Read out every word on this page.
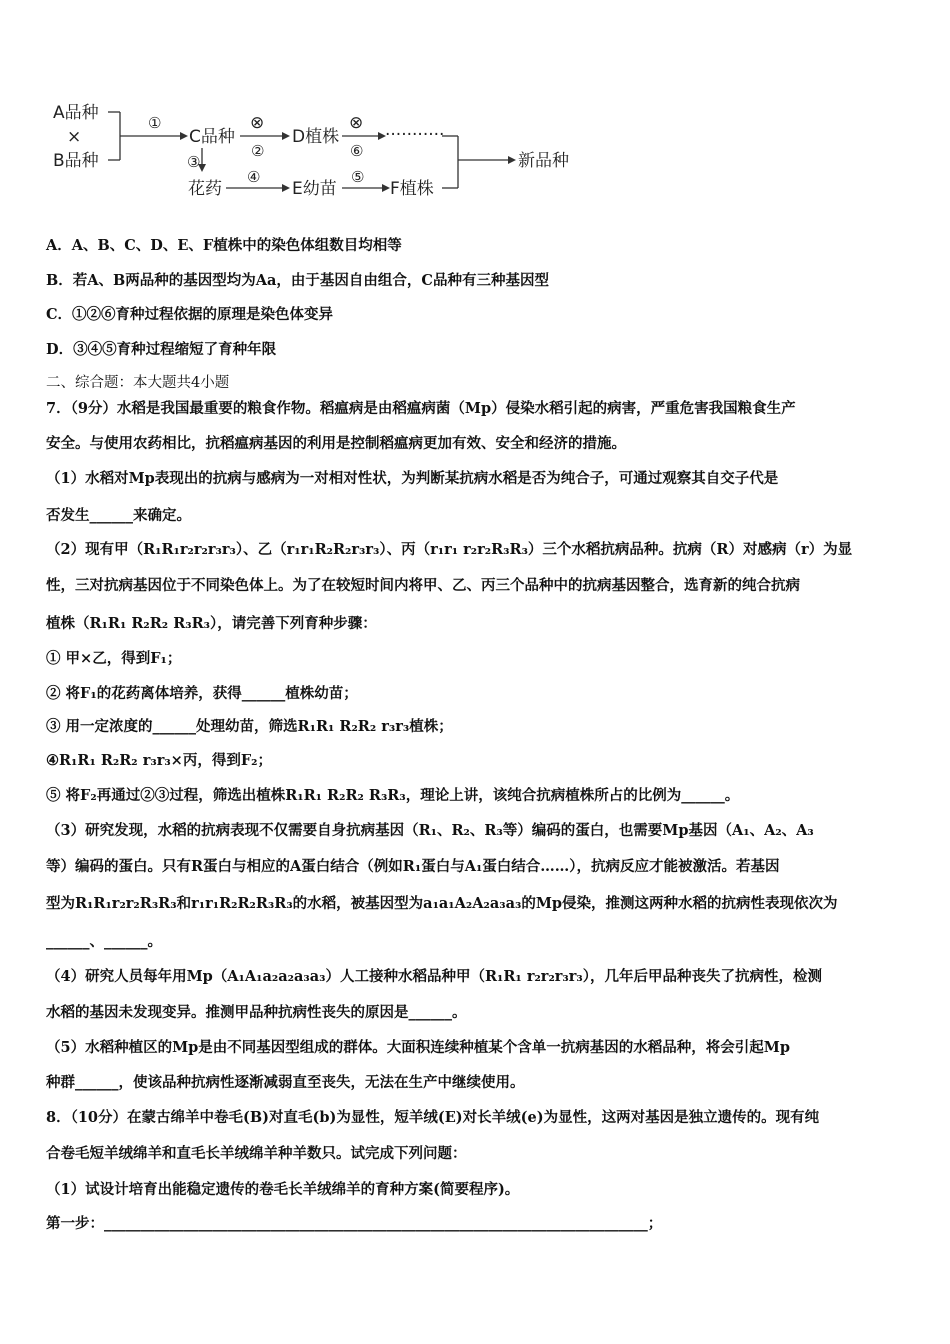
A品种
×
B品种
①
C品种
⊗
②
D植株
⊗
⑥
···········
③
花药
④
E幼苗
⑤
F植株
新品种
A．A、B、C、D、E、F植株中的染色体组数目均相等
B．若A、B两品种的基因型均为Aa，由于基因自由组合，C品种有三种基因型
C．①②⑥育种过程依据的原理是染色体变异
D．③④⑤育种过程缩短了育种年限
二、综合题：本大题共4小题
7．（9分）水稻是我国最重要的粮食作物。稻瘟病是由稻瘟病菌（Mp）侵染水稻引起的病害，严重危害我国粮食生产
安全。与使用农药相比，抗稻瘟病基因的利用是控制稻瘟病更加有效、安全和经济的措施。
（1）水稻对Mp表现出的抗病与感病为一对相对性状，为判断某抗病水稻是否为纯合子，可通过观察其自交子代是
否发生______来确定。
（2）现有甲（R₁R₁r₂r₂r₃r₃）、乙（r₁r₁R₂R₂r₃r₃）、丙（r₁r₁ r₂r₂R₃R₃）三个水稻抗病品种。抗病（R）对感病（r）为显
性，三对抗病基因位于不同染色体上。为了在较短时间内将甲、乙、丙三个品种中的抗病基因整合，选育新的纯合抗病
植株（R₁R₁ R₂R₂ R₃R₃），请完善下列育种步骤：
① 甲×乙，得到F₁；
② 将F₁的花药离体培养，获得______植株幼苗；
③ 用一定浓度的______处理幼苗，筛选R₁R₁ R₂R₂ r₃r₃植株；
④R₁R₁ R₂R₂ r₃r₃×丙，得到F₂；
⑤ 将F₂再通过②③过程，筛选出植株R₁R₁ R₂R₂ R₃R₃，理论上讲，该纯合抗病植株所占的比例为______。
（3）研究发现，水稻的抗病表现不仅需要自身抗病基因（R₁、R₂、R₃等）编码的蛋白，也需要Mp基因（A₁、A₂、A₃
等）编码的蛋白。只有R蛋白与相应的A蛋白结合（例如R₁蛋白与A₁蛋白结合……），抗病反应才能被激活。若基因
型为R₁R₁r₂r₂R₃R₃和r₁r₁R₂R₂R₃R₃的水稻，被基因型为a₁a₁A₂A₂a₃a₃的Mp侵染，推测这两种水稻的抗病性表现依次为
______、______。
（4）研究人员每年用Mp（A₁A₁a₂a₂a₃a₃）人工接种水稻品种甲（R₁R₁ r₂r₂r₃r₃），几年后甲品种丧失了抗病性，检测
水稻的基因未发现变异。推测甲品种抗病性丧失的原因是______。
（5）水稻种植区的Mp是由不同基因型组成的群体。大面积连续种植某个含单一抗病基因的水稻品种，将会引起Mp
种群______，使该品种抗病性逐渐减弱直至丧失，无法在生产中继续使用。
8．（10分）在蒙古绵羊中卷毛(B)对直毛(b)为显性，短羊绒(E)对长羊绒(e)为显性，这两对基因是独立遗传的。现有纯
合卷毛短羊绒绵羊和直毛长羊绒绵羊种羊数只。试完成下列问题：
（1）试设计培育出能稳定遗传的卷毛长羊绒绵羊的育种方案(简要程序)。
第一步：___________________________________________________________________________；
